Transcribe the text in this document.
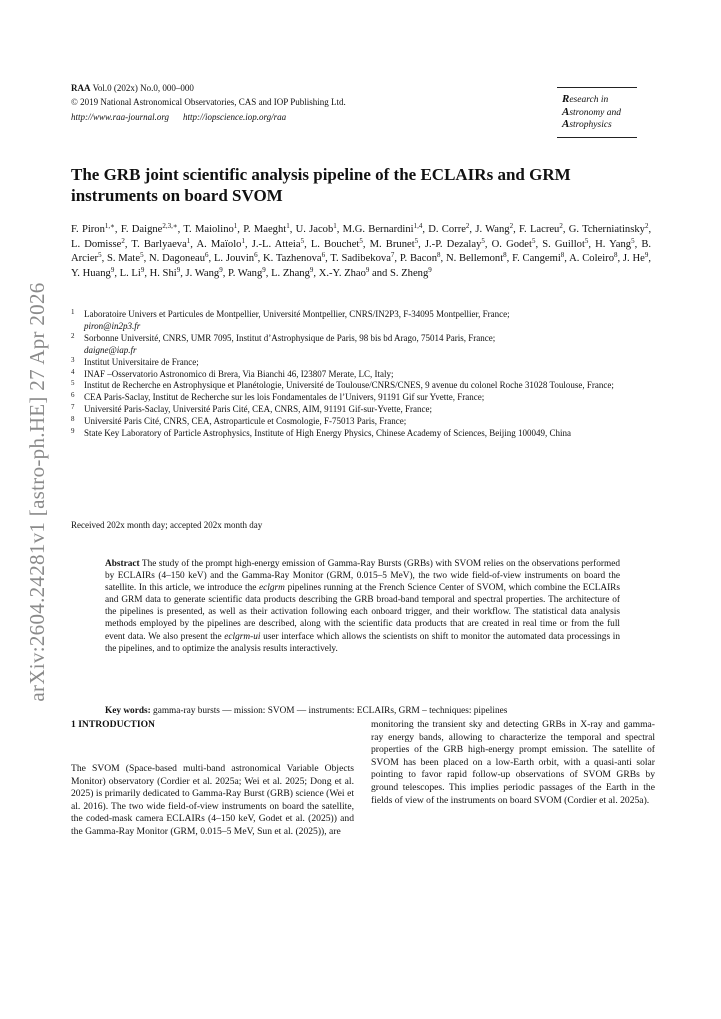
arXiv:2604.24281v1 [astro-ph.HE] 27 Apr 2026
RAA Vol.0 (202x) No.0, 000–000
© 2019 National Astronomical Observatories, CAS and IOP Publishing Ltd.
http://www.raa-journal.org http://iopscience.iop.org/raa
Research in
Astronomy and
Astrophysics
The GRB joint scientific analysis pipeline of the ECLAIRs and GRM instruments on board SVOM
F. Piron$^{1,∗}$, F. Daigne$^{2,3,∗}$, T. Maiolino$^1$, P. Maeght$^1$, U. Jacob$^1$, M.G. Bernardini$^{1,4}$, D. Corre$^2$, J. Wang$^2$, F. Lacreu$^2$, G. Tcherniatinsky$^2$, L. Domisse$^2$, T. Barlyaeva$^1$, A. Maïolo$^1$, J.-L. Atteia$^5$, L. Bouchet$^5$, M. Brunet$^5$, J.-P. Dezalay$^5$, O. Godet$^5$, S. Guillot$^5$, H. Yang$^5$, B. Arcier$^5$, S. Mate$^5$, N. Dagoneau$^6$, L. Jouvin$^6$, K. Tazhenova$^6$, T. Sadibekova$^7$, P. Bacon$^8$, N. Bellemont$^8$, F. Cangemi$^8$, A. Coleiro$^8$, J. He$^9$, Y. Huang$^9$, L. Li$^9$, H. Shi$^9$, J. Wang$^9$, P. Wang$^9$, L. Zhang$^9$, X.-Y. Zhao$^9$ and S. Zheng$^9$
1 Laboratoire Univers et Particules de Montpellier, Université Montpellier, CNRS/IN2P3, F-34095 Montpellier, France;
piron@in2p3.fr
2 Sorbonne Université, CNRS, UMR 7095, Institut d’Astrophysique de Paris, 98 bis bd Arago, 75014 Paris, France;
daigne@iap.fr
3 Institut Universitaire de France;
4 INAF –Osservatorio Astronomico di Brera, Via Bianchi 46, I23807 Merate, LC, Italy;
5 Institut de Recherche en Astrophysique et Planétologie, Université de Toulouse/CNRS/CNES, 9 avenue du colonel Roche 31028 Toulouse, France;
6 CEA Paris-Saclay, Institut de Recherche sur les lois Fondamentales de l’Univers, 91191 Gif sur Yvette, France;
7 Université Paris-Saclay, Université Paris Cité, CEA, CNRS, AIM, 91191 Gif-sur-Yvette, France;
8 Université Paris Cité, CNRS, CEA, Astroparticule et Cosmologie, F-75013 Paris, France;
9 State Key Laboratory of Particle Astrophysics, Institute of High Energy Physics, Chinese Academy of Sciences, Beijing 100049, China
Received 202x month day; accepted 202x month day
Abstract The study of the prompt high-energy emission of Gamma-Ray Bursts (GRBs) with SVOM relies on the observations performed by ECLAIRs (4–150 keV) and the Gamma-Ray Monitor (GRM, 0.015–5 MeV), the two wide field-of-view instruments on board the satellite. In this article, we introduce the eclgrm pipelines running at the French Science Center of SVOM, which combine the ECLAIRs and GRM data to generate scientific data products describing the GRB broad-band temporal and spectral properties. The architecture of the pipelines is presented, as well as their activation following each onboard trigger, and their workflow. The statistical data analysis methods employed by the pipelines are described, along with the scientific data products that are created in real time or from the full event data. We also present the eclgrm-ui user interface which allows the scientists on shift to monitor the automated data processings in the pipelines, and to optimize the analysis results interactively.
Key words: gamma-ray bursts — mission: SVOM — instruments: ECLAIRs, GRM – techniques: pipelines
1 INTRODUCTION
The SVOM (Space-based multi-band astronomical Variable Objects Monitor) observatory (Cordier et al. 2025a; Wei et al. 2025; Dong et al. 2025) is primarily dedicated to Gamma-Ray Burst (GRB) science (Wei et al. 2016). The two wide field-of-view instruments on board the satellite, the coded-mask camera ECLAIRs (4–150 keV, Godet et al. (2025)) and the Gamma-Ray Monitor (GRM, 0.015–5 MeV, Sun et al. (2025)), are
monitoring the transient sky and detecting GRBs in X-ray and gamma-ray energy bands, allowing to characterize the temporal and spectral properties of the GRB high-energy prompt emission. The satellite of SVOM has been placed on a low-Earth orbit, with a quasi-anti solar pointing to favor rapid follow-up observations of SVOM GRBs by ground telescopes. This implies periodic passages of the Earth in the fields of view of the instruments on board SVOM (Cordier et al. 2025a).
